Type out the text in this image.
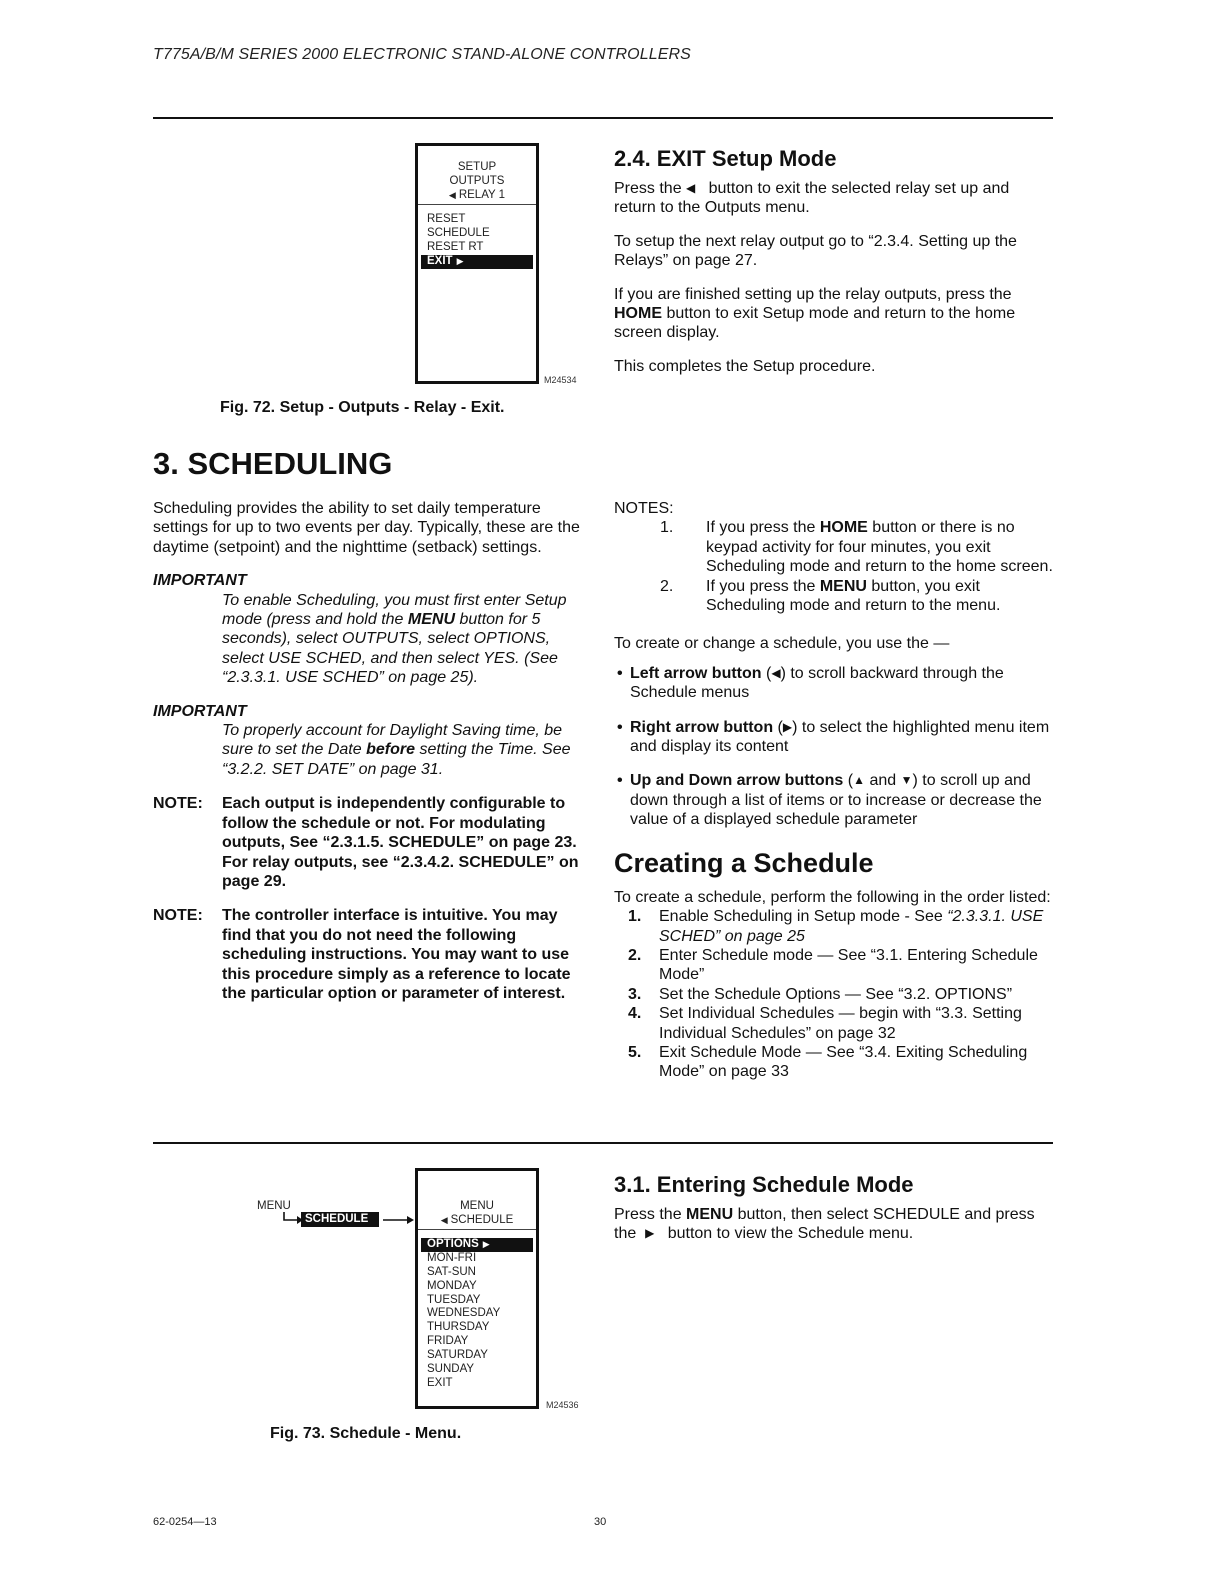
T775A/B/M SERIES 2000 ELECTRONIC STAND-ALONE CONTROLLERS
SETUP
OUTPUTS
◀ RELAY 1
RESET
SCHEDULE
RESET RT
EXIT ▶
M24534
Fig. 72. Setup - Outputs - Relay - Exit.
2.4. EXIT Setup Mode

Press the ◀ button to exit the selected relay set up and return to the Outputs menu.

To setup the next relay output go to “2.3.4. Setting up the Relays” on page 27.

If you are finished setting up the relay outputs, press the HOME button to exit Setup mode and return to the home screen display.

This completes the Setup procedure.

3. SCHEDULING

Scheduling provides the ability to set daily temperature settings for up to two events per day. Typically, these are the daytime (setpoint) and the nighttime (setback) settings.

IMPORTANT
To enable Scheduling, you must first enter Setup mode (press and hold the MENU button for 5 seconds), select OUTPUTS, select OPTIONS, select USE SCHED, and then select YES. (See “2.3.3.1. USE SCHED” on page 25).
IMPORTANT
To properly account for Daylight Saving time, be sure to set the Date before setting the Time. See “3.2.2. SET DATE” on page 31.
NOTE: Each output is independently configurable to follow the schedule or not. For modulating outputs, See “2.3.1.5. SCHEDULE” on page 23. For relay outputs, see “2.3.4.2. SCHEDULE” on page 29.
NOTE: The controller interface is intuitive. You may find that you do not need the following scheduling instructions. You may want to use this procedure simply as a reference to locate the particular option or parameter of interest.
NOTES:
1. If you press the HOME button or there is no keypad activity for four minutes, you exit Scheduling mode and return to the home screen.
2. If you press the MENU button, you exit Scheduling mode and return to the menu.

To create or change a schedule, you use the —

• Left arrow button (◀) to scroll backward through the Schedule menus
• Right arrow button (▶) to select the highlighted menu item and display its content
• Up and Down arrow buttons (▲ and ▼) to scroll up and down through a list of items or to increase or decrease the value of a displayed schedule parameter
Creating a Schedule

To create a schedule, perform the following in the order listed:

1. Enable Scheduling in Setup mode - See “2.3.3.1. USE SCHED” on page 25
2. Enter Schedule mode — See “3.1. Entering Schedule Mode”
3. Set the Schedule Options — See “3.2. OPTIONS”
4. Set Individual Schedules — begin with “3.3. Setting Individual Schedules” on page 32
5. Exit Schedule Mode — See “3.4. Exiting Scheduling Mode” on page 33
MENU
SCHEDULE
MENU
◀ SCHEDULE
OPTIONS ▶
MON-FRI
SAT-SUN
MONDAY
TUESDAY
WEDNESDAY
THURSDAY
FRIDAY
SATURDAY
SUNDAY
EXIT
M24536
Fig. 73. Schedule - Menu.
3.1. Entering Schedule Mode

Press the MENU button, then select SCHEDULE and press the ▶ button to view the Schedule menu.

62-0254—13	30
